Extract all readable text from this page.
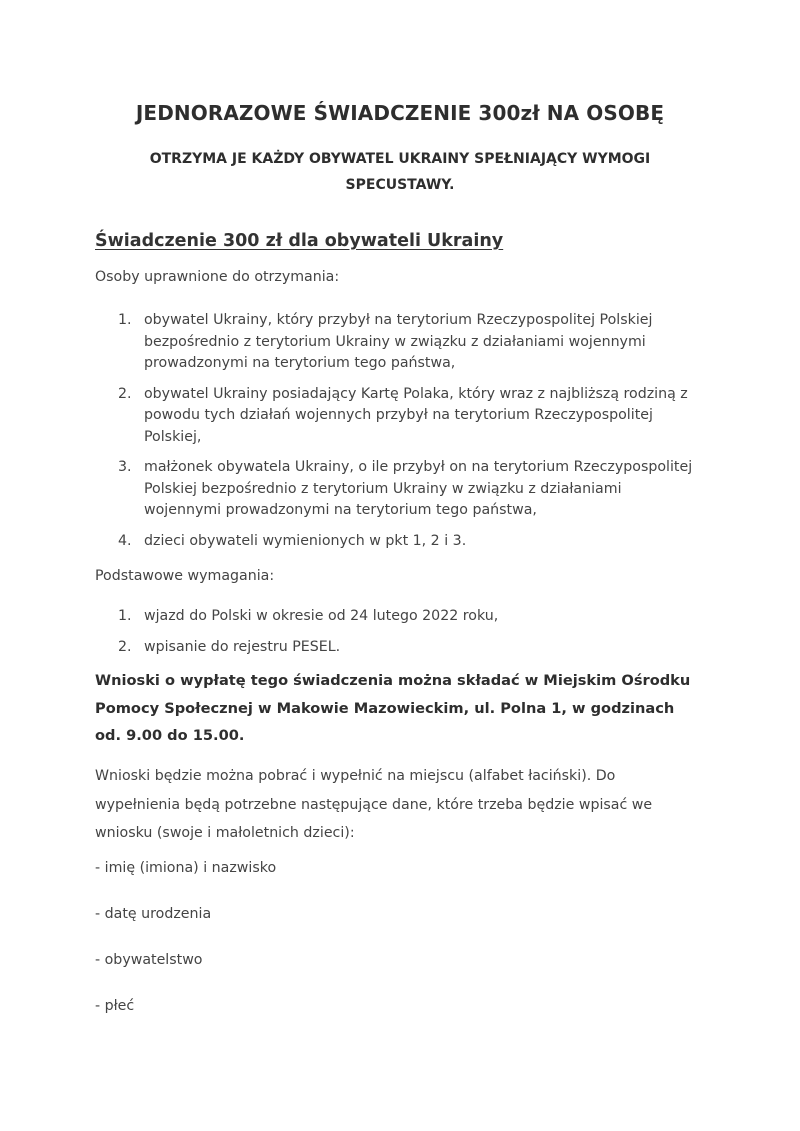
JEDNORAZOWE ŚWIADCZENIE 300zł NA OSOBĘ
OTRZYMA JE KAŻDY OBYWATEL UKRAINY SPEŁNIAJĄCY WYMOGI SPECUSTAWY.
Świadczenie 300 zł dla obywateli Ukrainy
Osoby uprawnione do otrzymania:
1. obywatel Ukrainy, który przybył na terytorium Rzeczypospolitej Polskiej bezpośrednio z terytorium Ukrainy w związku z działaniami wojennymi prowadzonymi na terytorium tego państwa,
2. obywatel Ukrainy posiadający Kartę Polaka, który wraz z najbliższą rodziną z powodu tych działań wojennych przybył na terytorium Rzeczypospolitej Polskiej,
3. małżonek obywatela Ukrainy, o ile przybył on na terytorium Rzeczypospolitej Polskiej bezpośrednio z terytorium Ukrainy w związku z działaniami wojennymi prowadzonymi na terytorium tego państwa,
4. dzieci obywateli wymienionych w pkt 1, 2 i 3.
Podstawowe wymagania:
1. wjazd do Polski w okresie od 24 lutego 2022 roku,
2. wpisanie do rejestru PESEL.
Wnioski o wypłatę tego świadczenia można składać w Miejskim Ośrodku Pomocy Społecznej w Makowie Mazowieckim, ul. Polna 1, w godzinach od. 9.00 do 15.00.
Wnioski będzie można pobrać i wypełnić na miejscu (alfabet łaciński). Do wypełnienia będą potrzebne następujące dane, które trzeba będzie wpisać we wniosku (swoje i małoletnich dzieci):
- imię (imiona) i nazwisko
- datę urodzenia
- obywatelstwo
- płeć
